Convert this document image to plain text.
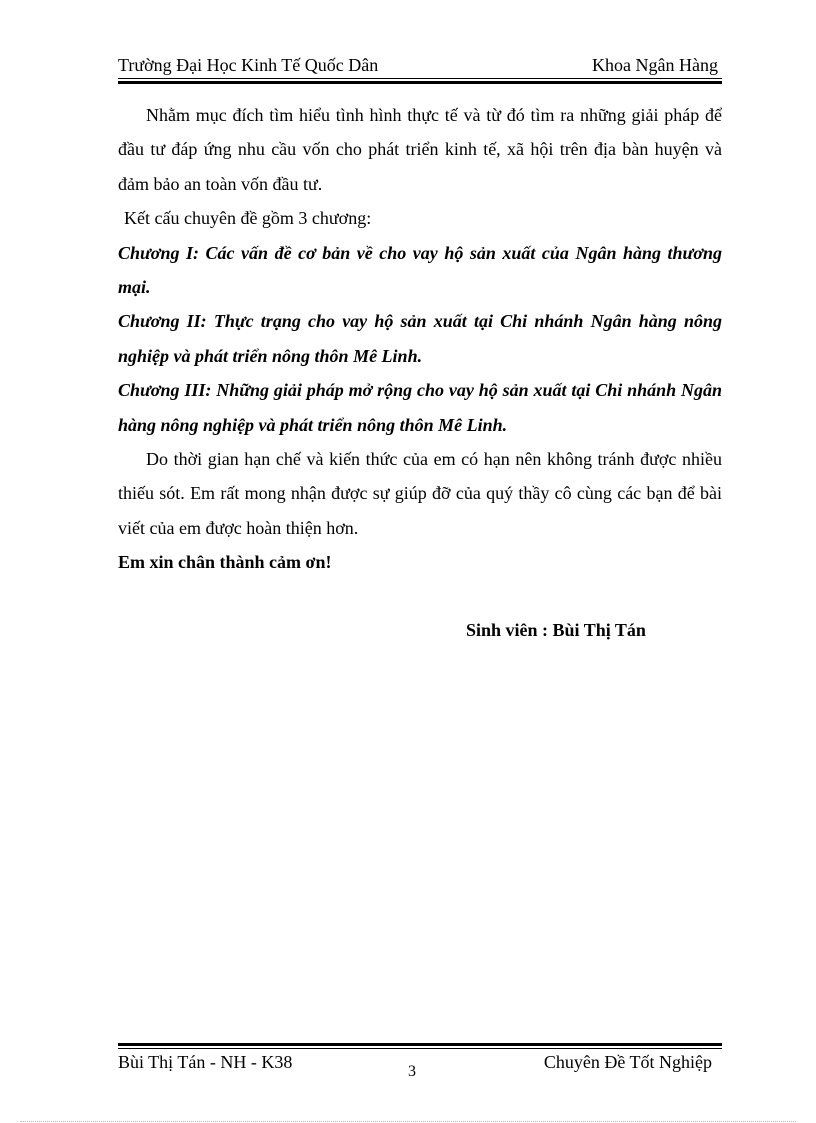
Trường Đại Học Kinh Tế Quốc Dân	Khoa Ngân Hàng

Nhằm mục đích tìm hiểu tình hình thực tế và từ đó tìm ra những giải pháp để đầu tư đáp ứng nhu cầu vốn cho phát triển kinh tế, xã hội trên địa bàn huyện và đảm bảo an toàn vốn đầu tư.

Kết cấu chuyên đề gồm 3 chương:

Chương I: Các vấn đề cơ bản về cho vay hộ sản xuất của Ngân hàng thương mại.

Chương II: Thực trạng cho vay hộ sản xuất tại Chi nhánh Ngân hàng nông nghiệp và phát triển nông thôn Mê Linh.

Chương III: Những giải pháp mở rộng cho vay hộ sản xuất tại Chi nhánh Ngân hàng nông nghiệp và phát triển nông thôn Mê Linh.

Do thời gian hạn chế và kiến thức của em có hạn nên không tránh được nhiều thiếu sót. Em rất mong nhận được sự giúp đỡ của quý thầy cô cùng các bạn để bài viết của em được hoàn thiện hơn.

Em xin chân thành cảm ơn!

Sinh viên : Bùi Thị Tán
Bùi Thị Tán - NH - K38	3	Chuyên Đề Tốt Nghiệp
